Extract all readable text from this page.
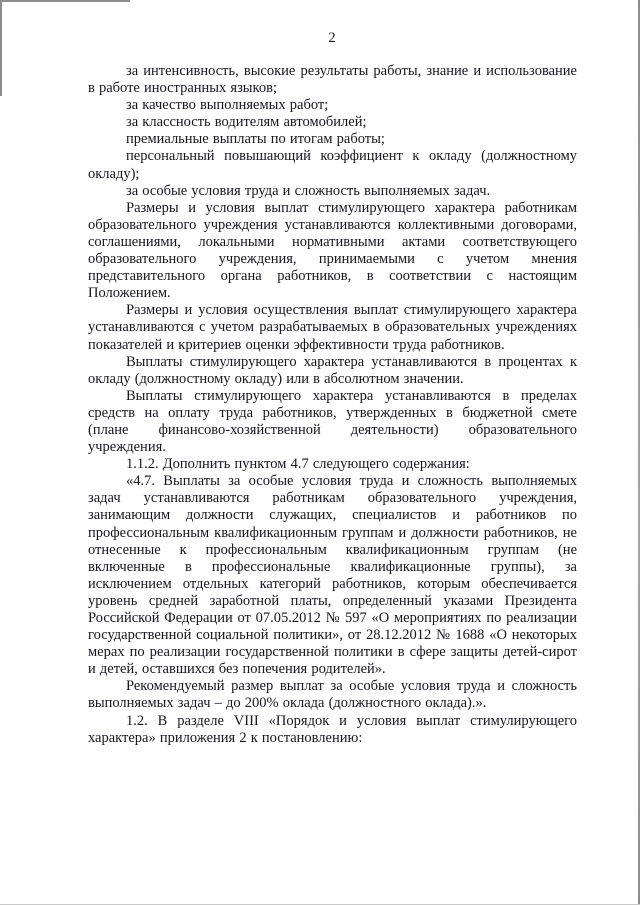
2

за интенсивность, высокие результаты работы, знание и использование в работе иностранных языков;

за качество выполняемых работ;

за классность водителям автомобилей;

премиальные выплаты по итогам работы;

персональный повышающий коэффициент к окладу (должностному окладу);

за особые условия труда и сложность выполняемых задач.

Размеры и условия выплат стимулирующего характера работникам образовательного учреждения устанавливаются коллективными договорами, соглашениями, локальными нормативными актами соответствующего образовательного учреждения, принимаемыми с учетом мнения представительного органа работников, в соответствии с настоящим Положением.

Размеры и условия осуществления выплат стимулирующего характера устанавливаются с учетом разрабатываемых в образовательных учреждениях показателей и критериев оценки эффективности труда работников.

Выплаты стимулирующего характера устанавливаются в процентах к окладу (должностному окладу) или в абсолютном значении.

Выплаты стимулирующего характера устанавливаются в пределах средств на оплату труда работников, утвержденных в бюджетной смете (плане финансово-хозяйственной деятельности) образовательного учреждения.

1.1.2. Дополнить пунктом 4.7 следующего содержания:

«4.7. Выплаты за особые условия труда и сложность выполняемых задач устанавливаются работникам образовательного учреждения, занимающим должности служащих, специалистов и работников по профессиональным квалификационным группам и должности работников, не отнесенные к профессиональным квалификационным группам (не включенные в профессиональные квалификационные группы), за исключением отдельных категорий работников, которым обеспечивается уровень средней заработной платы, определенный указами Президента Российской Федерации от 07.05.2012 № 597 «О мероприятиях по реализации государственной социальной политики», от 28.12.2012 № 1688 «О некоторых мерах по реализации государственной политики в сфере защиты детей-сирот и детей, оставшихся без попечения родителей».

Рекомендуемый размер выплат за особые условия труда и сложность выполняемых задач – до 200% оклада (должностного оклада).».

1.2. В разделе VIII «Порядок и условия выплат стимулирующего характера» приложения 2 к постановлению:
